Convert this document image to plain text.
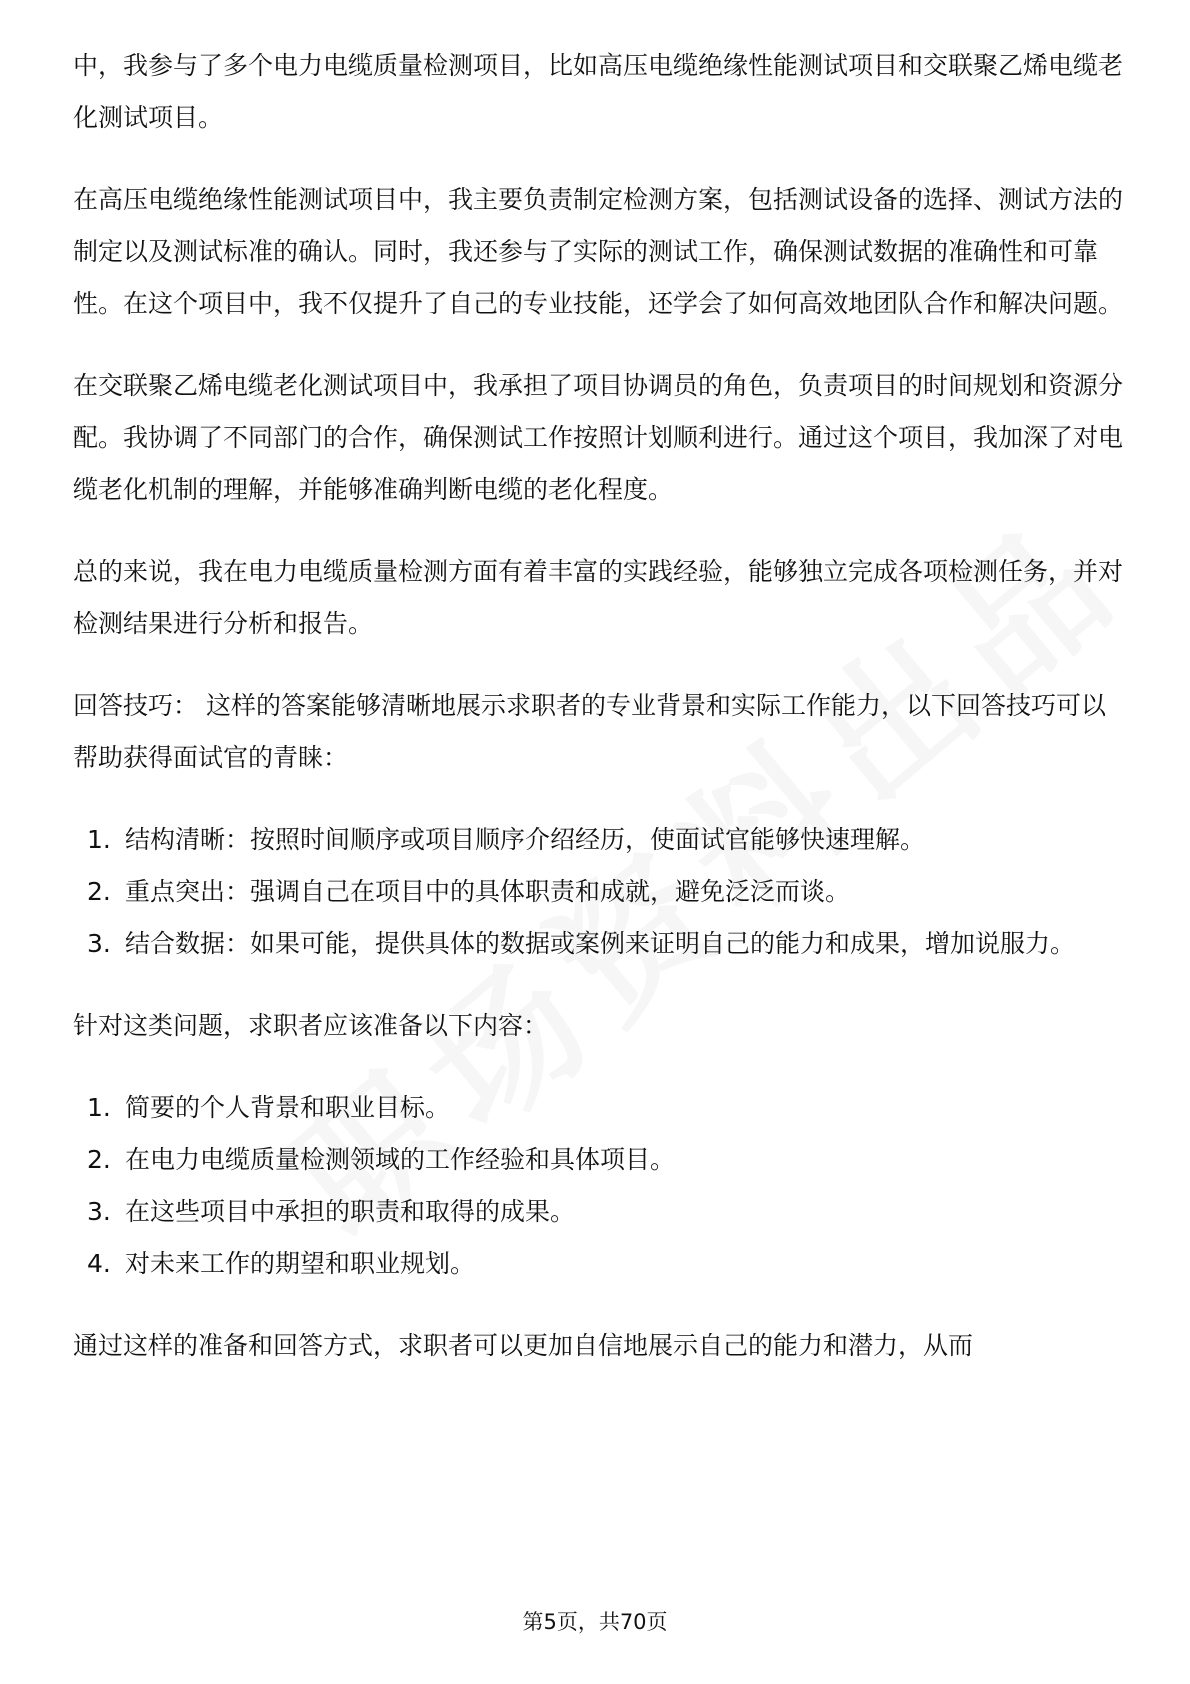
中，我参与了多个电力电缆质量检测项目，比如高压电缆绝缘性能测试项目和交联聚乙烯电缆老化测试项目。

在高压电缆绝缘性能测试项目中，我主要负责制定检测方案，包括测试设备的选择、测试方法的制定以及测试标准的确认。同时，我还参与了实际的测试工作，确保测试数据的准确性和可靠性。在这个项目中，我不仅提升了自己的专业技能，还学会了如何高效地团队合作和解决问题。

在交联聚乙烯电缆老化测试项目中，我承担了项目协调员的角色，负责项目的时间规划和资源分配。我协调了不同部门的合作，确保测试工作按照计划顺利进行。通过这个项目，我加深了对电缆老化机制的理解，并能够准确判断电缆的老化程度。

总的来说，我在电力电缆质量检测方面有着丰富的实践经验，能够独立完成各项检测任务，并对检测结果进行分析和报告。

回答技巧： 这样的答案能够清晰地展示求职者的专业背景和实际工作能力，以下回答技巧可以帮助获得面试官的青睐：

1. 结构清晰：按照时间顺序或项目顺序介绍经历，使面试官能够快速理解。
2. 重点突出：强调自己在项目中的具体职责和成就，避免泛泛而谈。
3. 结合数据：如果可能，提供具体的数据或案例来证明自己的能力和成果，增加说服力。

针对这类问题，求职者应该准备以下内容：

1. 简要的个人背景和职业目标。
2. 在电力电缆质量检测领域的工作经验和具体项目。
3. 在这些项目中承担的职责和取得的成果。
4. 对未来工作的期望和职业规划。

通过这样的准备和回答方式，求职者可以更加自信地展示自己的能力和潜力，从而

第5页，共70页
